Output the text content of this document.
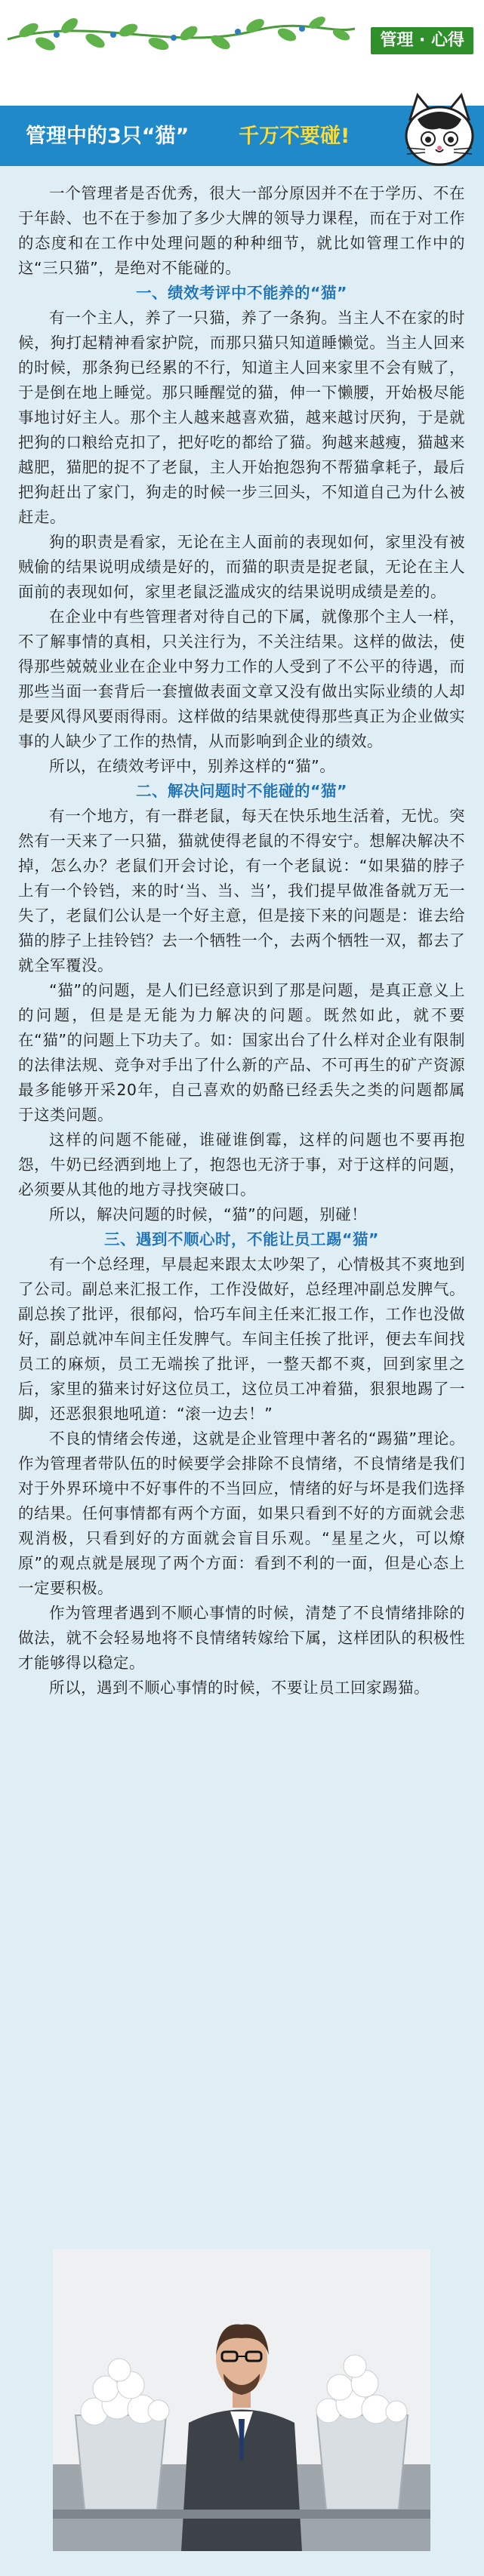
管理 · 心得
管理中的3只“猫” 千万不要碰!

一个管理者是否优秀，很大一部分原因并不在于学历、不在于年龄、也不在于参加了多少大牌的领导力课程，而在于对工作的态度和在工作中处理问题的种种细节，就比如管理工作中的这“三只猫”，是绝对不能碰的。

一、绩效考评中不能养的“猫”

有一个主人，养了一只猫，养了一条狗。当主人不在家的时候，狗打起精神看家护院，而那只猫只知道睡懒觉。当主人回来的时候，那条狗已经累的不行，知道主人回来家里不会有贼了，于是倒在地上睡觉。那只睡醒觉的猫，伸一下懒腰，开始极尽能事地讨好主人。那个主人越来越喜欢猫，越来越讨厌狗，于是就把狗的口粮给克扣了，把好吃的都给了猫。狗越来越瘦，猫越来越肥，猫肥的捉不了老鼠，主人开始抱怨狗不帮猫拿耗子，最后把狗赶出了家门，狗走的时候一步三回头，不知道自己为什么被赶走。

狗的职责是看家，无论在主人面前的表现如何，家里没有被贼偷的结果说明成绩是好的，而猫的职责是捉老鼠，无论在主人面前的表现如何，家里老鼠泛滥成灾的结果说明成绩是差的。

在企业中有些管理者对待自己的下属，就像那个主人一样，不了解事情的真相，只关注行为，不关注结果。这样的做法，使得那些兢兢业业在企业中努力工作的人受到了不公平的待遇，而那些当面一套背后一套擅做表面文章又没有做出实际业绩的人却是要风得风要雨得雨。这样做的结果就使得那些真正为企业做实事的人缺少了工作的热情，从而影响到企业的绩效。

所以，在绩效考评中，别养这样的“猫”。

二、解决问题时不能碰的“猫”

有一个地方，有一群老鼠，每天在快乐地生活着，无忧。突然有一天来了一只猫，猫就使得老鼠的不得安宁。想解决解决不掉，怎么办？老鼠们开会讨论，有一个老鼠说：“如果猫的脖子上有一个铃铛，来的时‘当、当、当’，我们提早做准备就万无一失了，老鼠们公认是一个好主意，但是接下来的问题是：谁去给猫的脖子上挂铃铛？去一个牺牲一个，去两个牺牲一双，都去了就全军覆没。

“猫”的问题，是人们已经意识到了那是问题，是真正意义上的问题，但是是无能为力解决的问题。既然如此，就不要在“猫”的问题上下功夫了。如：国家出台了什么样对企业有限制的法律法规、竞争对手出了什么新的产品、不可再生的矿产资源最多能够开采20年，自己喜欢的奶酪已经丢失之类的问题都属于这类问题。

这样的问题不能碰，谁碰谁倒霉，这样的问题也不要再抱怨，牛奶已经洒到地上了，抱怨也无济于事，对于这样的问题，必须要从其他的地方寻找突破口。

所以，解决问题的时候，“猫”的问题，别碰！

三、遇到不顺心时，不能让员工踢“猫”

有一个总经理，早晨起来跟太太吵架了，心情极其不爽地到了公司。副总来汇报工作，工作没做好，总经理冲副总发脾气。副总挨了批评，很郁闷，恰巧车间主任来汇报工作，工作也没做好，副总就冲车间主任发脾气。车间主任挨了批评，便去车间找员工的麻烦，员工无端挨了批评，一整天都不爽，回到家里之后，家里的猫来讨好这位员工，这位员工冲着猫，狠狠地踢了一脚，还恶狠狠地吼道：“滚一边去！”

不良的情绪会传递，这就是企业管理中著名的“踢猫”理论。作为管理者带队伍的时候要学会排除不良情绪，不良情绪是我们对于外界环境中不好事件的不当回应，情绪的好与坏是我们选择的结果。任何事情都有两个方面，如果只看到不好的方面就会悲观消极，只看到好的方面就会盲目乐观。“星星之火，可以燎原”的观点就是展现了两个方面：看到不利的一面，但是心态上一定要积极。

作为管理者遇到不顺心事情的时候，清楚了不良情绪排除的做法，就不会轻易地将不良情绪转嫁给下属，这样团队的积极性才能够得以稳定。

所以，遇到不顺心事情的时候，不要让员工回家踢猫。
